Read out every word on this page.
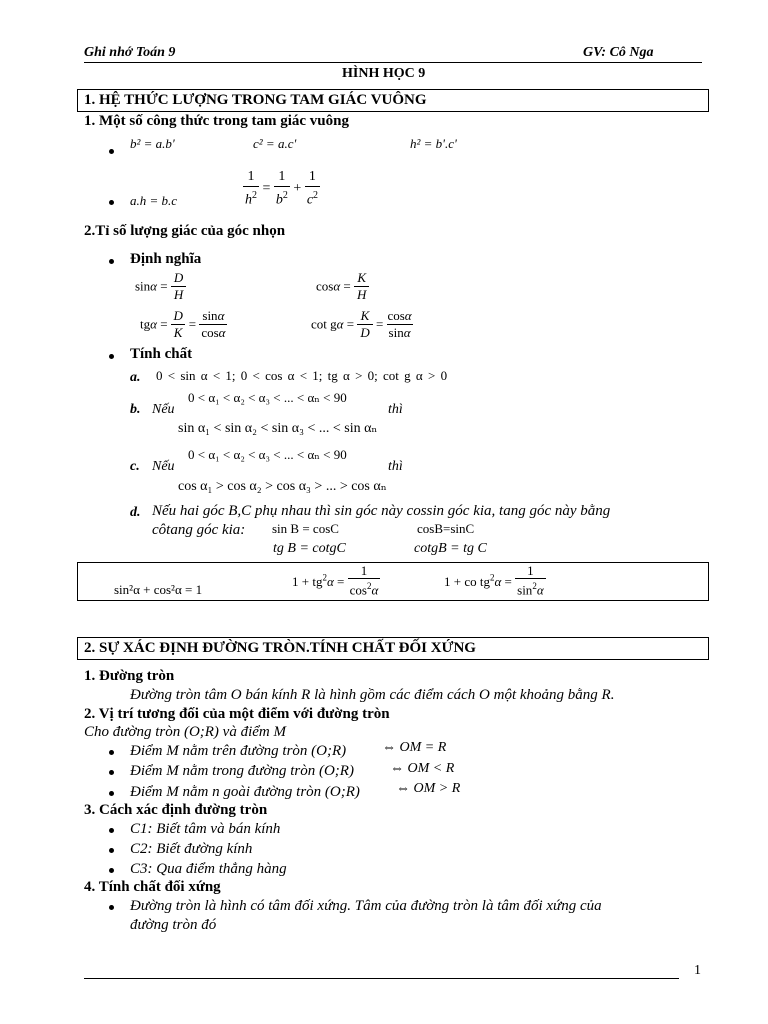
Ghi nhớ Toán 9	GV: Cô Nga
HÌNH HỌC 9
1. HỆ THỨC LƯỢNG TRONG TAM GIÁC VUÔNG
1. Một số công thức trong tam giác vuông
b² = a.b'	c² = a.c'	h² = b'.c'
a.h = b.c	$\frac{1}{h^2} = \frac{1}{b^2} + \frac{1}{c^2}$
2.Tỉ số lượng giác của góc nhọn
Định nghĩa
$\sin\alpha = \frac{D}{H}$	$\cos\alpha = \frac{K}{H}$
$tg\alpha = \frac{D}{K} = \frac{\sin\alpha}{\cos\alpha}$	$\cot g\alpha = \frac{K}{D} = \frac{\cos\alpha}{\sin\alpha}$
Tính chất
a. 0 < sin α < 1; 0 < cos α < 1; tg α > 0; cot g α > 0
b. Nếu
0 < α₁ < α₂ < α₃ < ... < αₙ < 90
thì
sin α₁ < sin α₂ < sin α₃ < ... < sin αₙ
c. Nếu
0 < α₁ < α₂ < α₃ < ... < αₙ < 90
thì
cos α₁ > cos α₂ > cos α₃ > ... > cos αₙ
d. Nếu hai góc B,C phụ nhau thì sin góc này cossin góc kia, tang góc này bằng
côtang góc kia: sin B = cosC	cosB=sinC
tg B = cotgC	cotgB = tg C
sin²α + cos²α = 1
$1 + tg^2\alpha = \frac{1}{\cos^2\alpha}$	1 + co $tg^2\alpha = \frac{1}{\sin^2\alpha}$
2. SỰ XÁC ĐỊNH ĐƯỜNG TRÒN.TÍNH CHẤT ĐỐI XỨNG
1. Đường tròn
Đường tròn tâm O bán kính R là hình gồm các điểm cách O một khoảng bằng R.
2. Vị trí tương đối của một điểm với đường tròn
Cho đường tròn (O;R) và điểm M
Điểm M nằm trên đường tròn (O;R)	⇔ OM = R
Điểm M nằm trong đường tròn (O;R)	⇔ OM < R
Điểm M nằm n goài đường tròn (O;R)	⇔ OM > R
3. Cách xác định đường tròn
C1: Biết tâm và bán kính
C2: Biết đường kính
C3: Qua điểm thẳng hàng
4. Tính chất đối xứng
Đường tròn là hình có tâm đối xứng. Tâm của đường tròn là tâm đối xứng của
đường tròn đó
1
